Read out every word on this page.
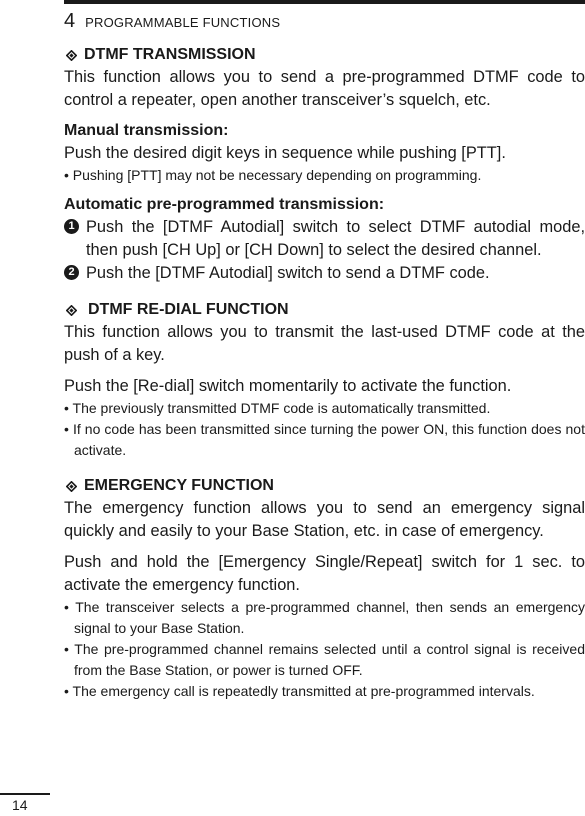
4 PROGRAMMABLE FUNCTIONS
DTMF TRANSMISSION

This function allows you to send a pre-programmed DTMF code to control a repeater, open another transceiver’s squelch, etc.

Manual transmission:
Push the desired digit keys in sequence while pushing [PTT].
• Pushing [PTT] may not be necessary depending on programming.
Automatic pre-programmed transmission:
1 Push the [DTMF Autodial] switch to select DTMF autodial mode, then push [CH Up] or [CH Down] to select the desired channel.
2 Push the [DTMF Autodial] switch to send a DTMF code.
DTMF RE-DIAL FUNCTION

This function allows you to transmit the last-used DTMF code at the push of a key.

Push the [Re-dial] switch momentarily to activate the function.
• The previously transmitted DTMF code is automatically transmitted.
• If no code has been transmitted since turning the power ON, this function does not activate.
EMERGENCY FUNCTION

The emergency function allows you to send an emergency signal quickly and easily to your Base Station, etc. in case of emergency.

Push and hold the [Emergency Single/Repeat] switch for 1 sec. to activate the emergency function.
• The transceiver selects a pre-programmed channel, then sends an emergency signal to your Base Station.
• The pre-programmed channel remains selected until a control signal is received from the Base Station, or power is turned OFF.
• The emergency call is repeatedly transmitted at pre-programmed intervals.
14
